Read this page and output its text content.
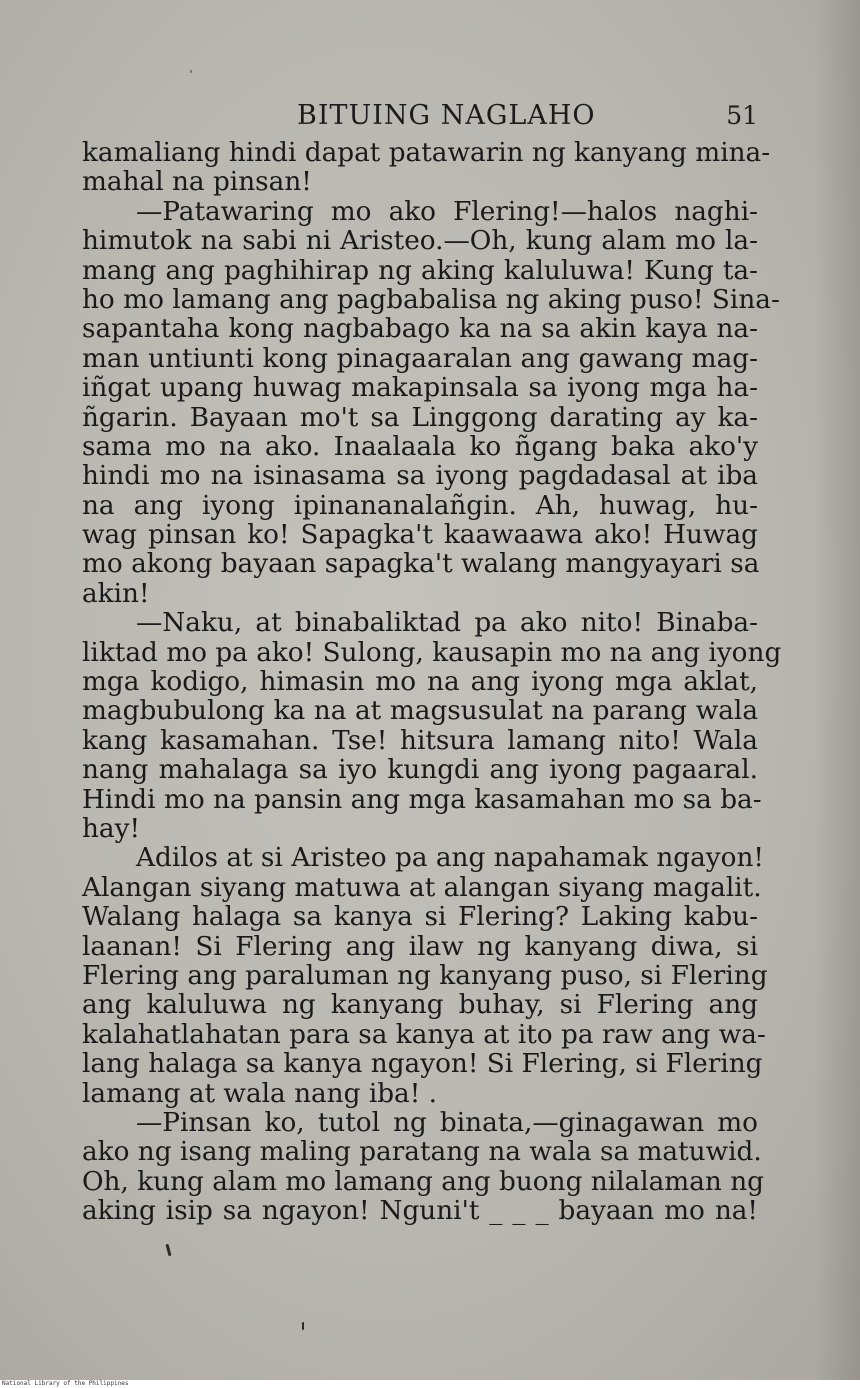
BITUING NAGLAHO	51
kamaliang hindi dapat patawarin ng kanyang mina-
mahal na pinsan!
—Patawaring mo ako Flering!—halos naghi-
himutok na sabi ni Aristeo.—Oh, kung alam mo la-
mang ang paghihirap ng aking kaluluwa! Kung ta-
ho mo lamang ang pagbabalisa ng aking puso! Sina-
sapantaha kong nagbabago ka na sa akin kaya na-
man untiunti kong pinagaaralan ang gawang mag-
iñgat upang huwag makapinsala sa iyong mga ha-
ñgarin. Bayaan mo't sa Linggong darating ay ka-
sama mo na ako. Inaalaala ko ñgang baka ako'y
hindi mo na isinasama sa iyong pagdadasal at iba
na ang iyong ipinananalañgin. Ah, huwag, hu-
wag pinsan ko! Sapagka't kaawaawa ako! Huwag
mo akong bayaan sapagka't walang mangyayari sa
akin!
—Naku, at binabaliktad pa ako nito! Binaba-
liktad mo pa ako! Sulong, kausapin mo na ang iyong
mga kodigo, himasin mo na ang iyong mga aklat,
magbubulong ka na at magsusulat na parang wala
kang kasamahan. Tse! hitsura lamang nito! Wala
nang mahalaga sa iyo kungdi ang iyong pagaaral.
Hindi mo na pansin ang mga kasamahan mo sa ba-
hay!
Adilos at si Aristeo pa ang napahamak ngayon!
Alangan siyang matuwa at alangan siyang magalit.
Walang halaga sa kanya si Flering? Laking kabu-
laanan! Si Flering ang ilaw ng kanyang diwa, si
Flering ang paraluman ng kanyang puso, si Flering
ang kaluluwa ng kanyang buhay, si Flering ang
kalahatlahatan para sa kanya at ito pa raw ang wa-
lang halaga sa kanya ngayon! Si Flering, si Flering
lamang at wala nang iba! .
—Pinsan ko, tutol ng binata,—ginagawan mo
ako ng isang maling paratang na wala sa matuwid.
Oh, kung alam mo lamang ang buong nilalaman ng
aking isip sa ngayon! Nguni't _ _ _ bayaan mo na!
National Library of the Philippines
